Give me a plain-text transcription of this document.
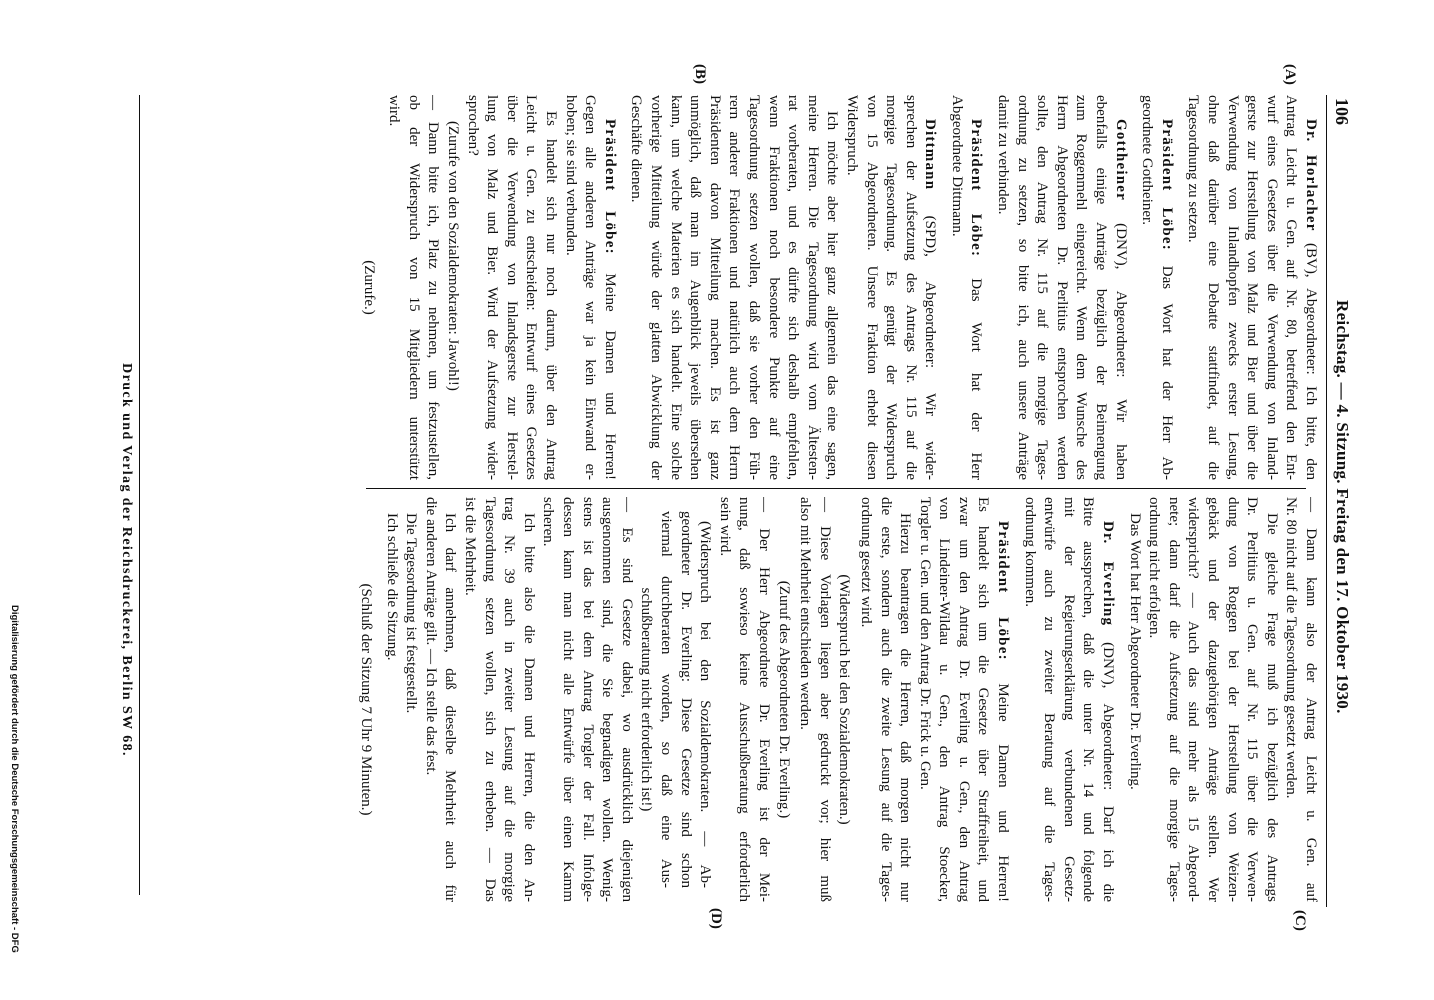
106
Reichstag. — 4. Sitzung. Freitag den 17. Oktober 1930.
(A)
(B)
(C)
(D)
Dr. Horlacher (BV), Abgeordneter: Ich bitte, den
Antrag Leicht u. Gen. auf Nr. 80, betreffend den Ent-
wurf eines Gesetzes über die Verwendung von Inland-
gerste zur Herstellung von Malz und Bier und über die
Verwendung von Inlandhopfen zwecks erster Lesung,
ohne daß darüber eine Debatte stattfindet, auf die
Tagesordnung zu setzen.
Präsident Löbe: Das Wort hat der Herr Ab-
geordnete Gottheiner.
Gottheiner (DNV), Abgeordneter: Wir haben
ebenfalls einige Anträge bezüglich der Beimengung
zum Roggenmehl eingereicht. Wenn dem Wunsche des
Herrn Abgeordneten Dr. Perlitius entsprochen werden
sollte, den Antrag Nr. 115 auf die morgige Tages-
ordnung zu setzen, so bitte ich, auch unsere Anträge
damit zu verbinden.
Präsident Löbe: Das Wort hat der Herr
Abgeordnete Dittmann.
Dittmann (SPD), Abgeordneter: Wir wider-
sprechen der Aufsetzung des Antrags Nr. 115 auf die
morgige Tagesordnung. Es genügt der Widerspruch
von 15 Abgeordneten. Unsere Fraktion erhebt diesen
Widerspruch.
Ich möchte aber hier ganz allgemein das eine sagen,
meine Herren. Die Tagesordnung wird vom Ältesten-
rat vorberaten, und es dürfte sich deshalb empfehlen,
wenn Fraktionen noch besondere Punkte auf eine
Tagesordnung setzen wollen, daß sie vorher den Füh-
rern anderer Fraktionen und natürlich auch dem Herrn
Präsidenten davon Mitteilung machen. Es ist ganz
unmöglich, daß man im Augenblick jeweils übersehen
kann, um welche Materien es sich handelt. Eine solche
vorherige Mitteilung würde der glatten Abwicklung der
Geschäfte dienen.
Präsident Löbe: Meine Damen und Herren!
Gegen alle anderen Anträge war ja kein Einwand er-
hoben; sie sind verbunden.
Es handelt sich nur noch darum, über den Antrag
Leicht u. Gen. zu entscheiden: Entwurf eines Gesetzes
über die Verwendung von Inlandsgerste zur Herstel-
lung von Malz und Bier. Wird der Aufsetzung wider-
sprochen?
(Zurufe von den Sozialdemokraten: Jawohl!)
— Dann bitte ich, Platz zu nehmen, um festzustellen,
ob der Widerspruch von 15 Mitgliedern unterstützt
wird.
(Zurufe.)
— Dann kann also der Antrag Leicht u. Gen. auf
Nr. 80 nicht auf die Tagesordnung gesetzt werden.
Die gleiche Frage muß ich bezüglich des Antrags
Dr. Perlitius u. Gen. auf Nr. 115 über die Verwen-
dung von Roggen bei der Herstellung von Weizen-
gebäck und der dazugehörigen Anträge stellen. Wer
widerspricht? — Auch das sind mehr als 15 Abgeord-
nete; dann darf die Aufsetzung auf die morgige Tages-
ordnung nicht erfolgen.
Das Wort hat Herr Abgeordneter Dr. Everling.
Dr. Everling (DNV), Abgeordneter: Darf ich die
Bitte aussprechen, daß die unter Nr. 14 und folgende
mit der Regierungserklärung verbundenen Gesetz-
entwürfe auch zu zweiter Beratung auf die Tages-
ordnung kommen.
Präsident Löbe: Meine Damen und Herren!
Es handelt sich um die Gesetze über Straffreiheit, und
zwar um den Antrag Dr. Everling u. Gen., den Antrag
von Lindeiner-Wildau u. Gen., den Antrag Stoecker,
Torgler u. Gen. und den Antrag Dr. Frick u. Gen.
Hierzu beantragen die Herren, daß morgen nicht nur
die erste, sondern auch die zweite Lesung auf die Tages-
ordnung gesetzt wird.
(Widerspruch bei den Sozialdemokraten.)
— Diese Vorlagen liegen aber gedruckt vor; hier muß
also mit Mehrheit entschieden werden.
(Zuruf des Abgeordneten Dr. Everling.)
— Der Herr Abgeordnete Dr. Everling ist der Mei-
nung, daß sowieso keine Ausschußberatung erforderlich
sein wird.
(Widerspruch bei den Sozialdemokraten. — Ab-
geordneter Dr. Everling: Diese Gesetze sind schon
viermal durchberaten worden, so daß eine Aus-
schußberatung nicht erforderlich ist!)
— Es sind Gesetze dabei, wo ausdrücklich diejenigen
ausgenommen sind, die Sie begnadigen wollen. Wenig-
stens ist das bei dem Antrag Torgler der Fall. Infolge-
dessen kann man nicht alle Entwürfe über einen Kamm
scheren.
Ich bitte also die Damen und Herren, die den An-
trag Nr. 39 auch in zweiter Lesung auf die morgige
Tagesordnung setzen wollen, sich zu erheben. — Das
ist die Mehrheit.
Ich darf annehmen, daß dieselbe Mehrheit auch für
die anderen Anträge gilt. — Ich stelle das fest.
Die Tagesordnung ist festgestellt.
Ich schließe die Sitzung.
(Schluß der Sitzung 7 Uhr 9 Minuten.)
Druck und Verlag der Reichsdruckerei, Berlin SW 68.
Digitalisierung gefördert durch die Deutsche Forschungsgemeinschaft - DFG
